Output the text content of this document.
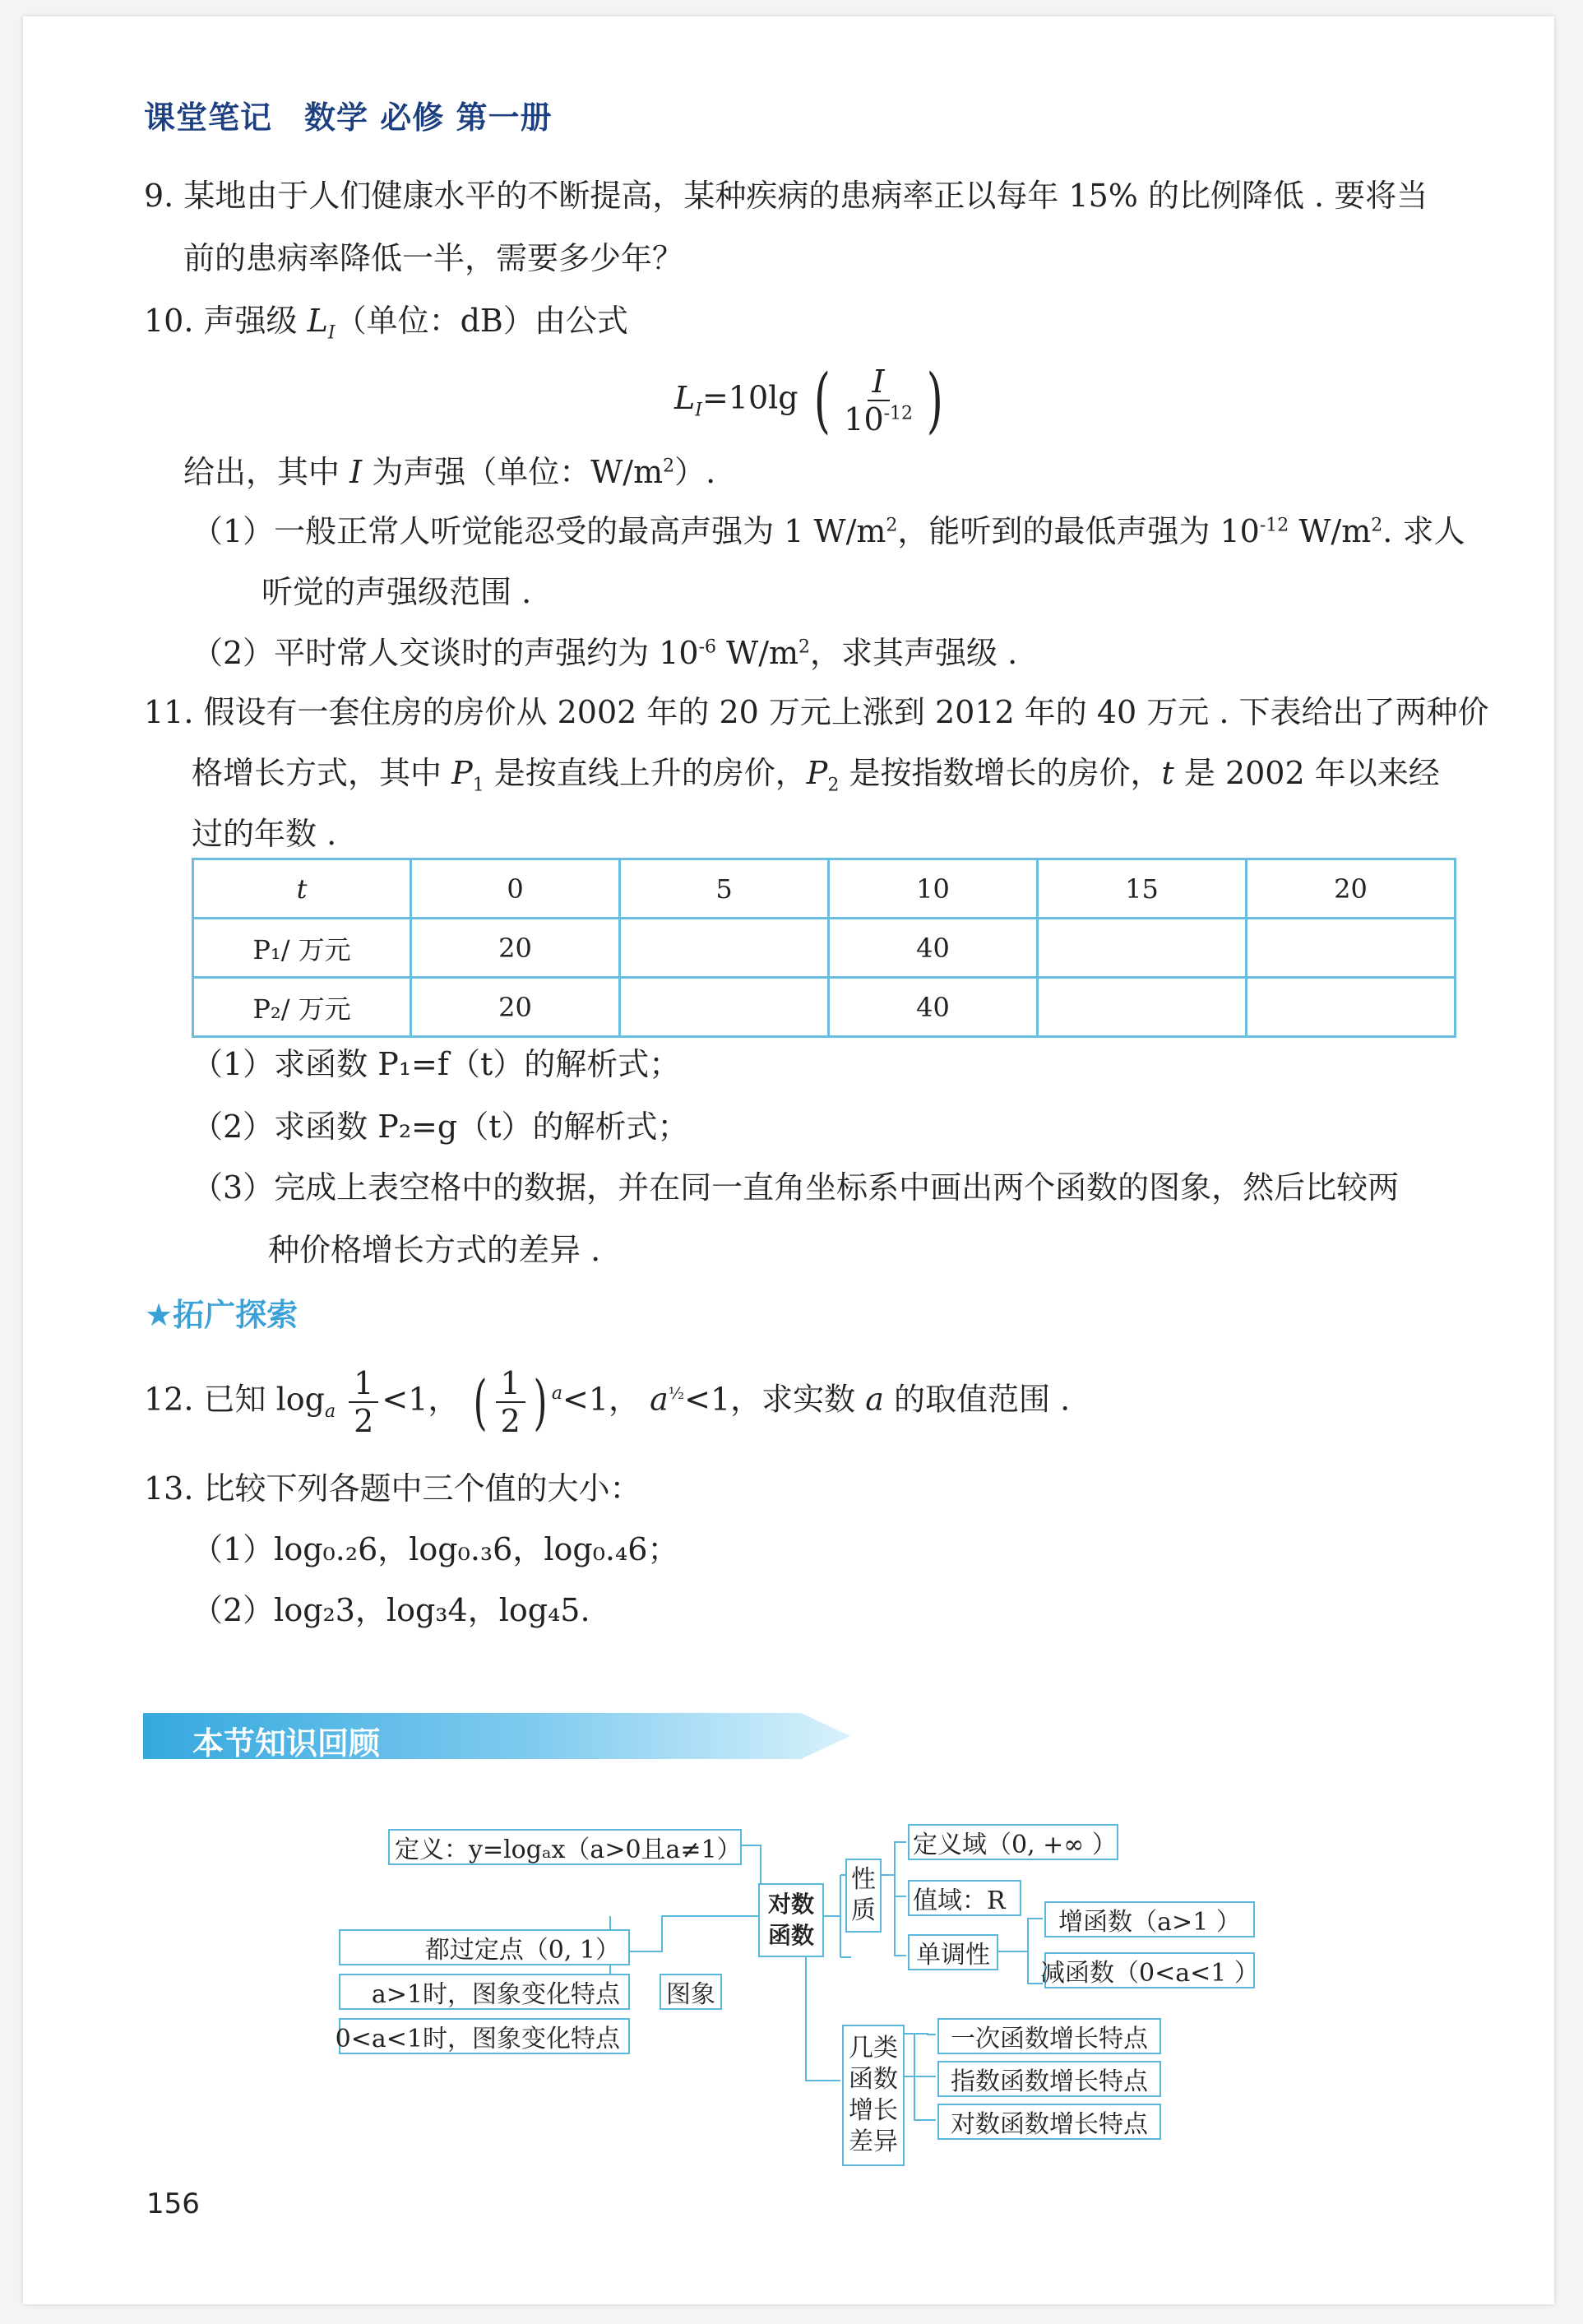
课堂笔记　数学 必修 第一册
9. 某地由于人们健康水平的不断提高，某种疾病的患病率正以每年 15% 的比例降低 . 要将当
前的患病率降低一半，需要多少年？
10. 声强级 $L_I$（单位：dB）由公式
$L_I=10\lg$ ( $\frac{I}{10^{-12}}$ )
给出，其中 I 为声强（单位：$W/m^2$）.
（1）一般正常人听觉能忍受的最高声强为 1 $W/m^2$，能听到的最低声强为 $10^{-12}$ $W/m^2$. 求人
听觉的声强级范围 .
（2）平时常人交谈时的声强约为 $10^{-6}$ $W/m^2$，求其声强级 .
11. 假设有一套住房的房价从 2002 年的 20 万元上涨到 2012 年的 40 万元 . 下表给出了两种价
格增长方式，其中 $P_1$ 是按直线上升的房价，$P_2$ 是按指数增长的房价，t 是 2002 年以来经
过的年数 .
t	0	5	10	15	20
P₁/ 万元	20		40		
P₂/ 万元	20		40		
（1）求函数 P₁=f（t）的解析式；
（2）求函数 P₂=g（t）的解析式；
（3）完成上表空格中的数据，并在同一直角坐标系中画出两个函数的图象，然后比较两
种价格增长方式的差异 .
★拓广探索
12. 已知 $\log_a \frac{1}{2} <1$， ( $\frac{1}{2}$ ) $^a$<1， $a^{\frac{1}{2}}<1$，求实数 a 的取值范围 .
13. 比较下列各题中三个值的大小：
（1）log₀.₂6，log₀.₃6，log₀.₄6；
（2）log₂3，log₃4，log₄5.
本节知识回顾
定义：y=logₐx（a>0且a≠1）
都过定点（0, 1）
a>1时，图象变化特点
0<a<1时，图象变化特点
图象
对数
函数
性
质
定义域（0, +∞ ）
值域：R
单调性
增函数（a>1 ）
减函数（0<a<1 ）
几类
函数
增长
差异
一次函数增长特点
指数函数增长特点
对数函数增长特点
156
